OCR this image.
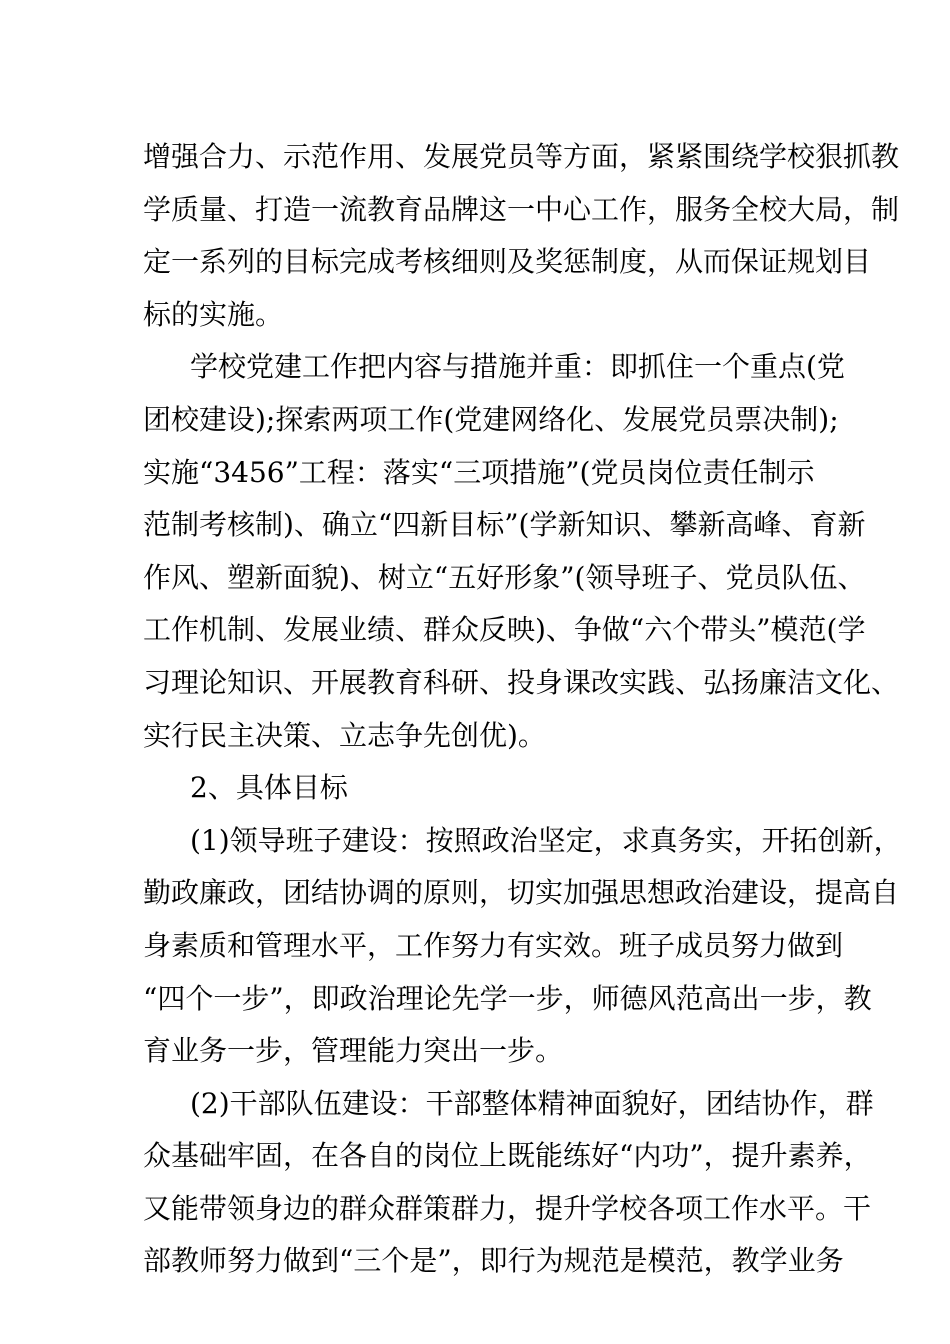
增强合力、示范作用、发展党员等方面，紧紧围绕学校狠抓教
学质量、打造一流教育品牌这一中心工作，服务全校大局，制
定一系列的目标完成考核细则及奖惩制度，从而保证规划目
标的实施。
学校党建工作把内容与措施并重：即抓住一个重点(党
团校建设);探索两项工作(党建网络化、发展党员票决制);
实施“3456”工程：落实“三项措施”(党员岗位责任制示
范制考核制)、确立“四新目标”(学新知识、攀新高峰、育新
作风、塑新面貌)、树立“五好形象”(领导班子、党员队伍、
工作机制、发展业绩、群众反映)、争做“六个带头”模范(学
习理论知识、开展教育科研、投身课改实践、弘扬廉洁文化、
实行民主决策、立志争先创优)。
2、具体目标
(1)领导班子建设：按照政治坚定，求真务实，开拓创新，
勤政廉政，团结协调的原则，切实加强思想政治建设，提高自
身素质和管理水平，工作努力有实效。班子成员努力做到
“四个一步”，即政治理论先学一步，师德风范高出一步，教
育业务一步，管理能力突出一步。
(2)干部队伍建设：干部整体精神面貌好，团结协作，群
众基础牢固，在各自的岗位上既能练好“内功”，提升素养，
又能带领身边的群众群策群力，提升学校各项工作水平。干
部教师努力做到“三个是”，即行为规范是模范，教学业务
